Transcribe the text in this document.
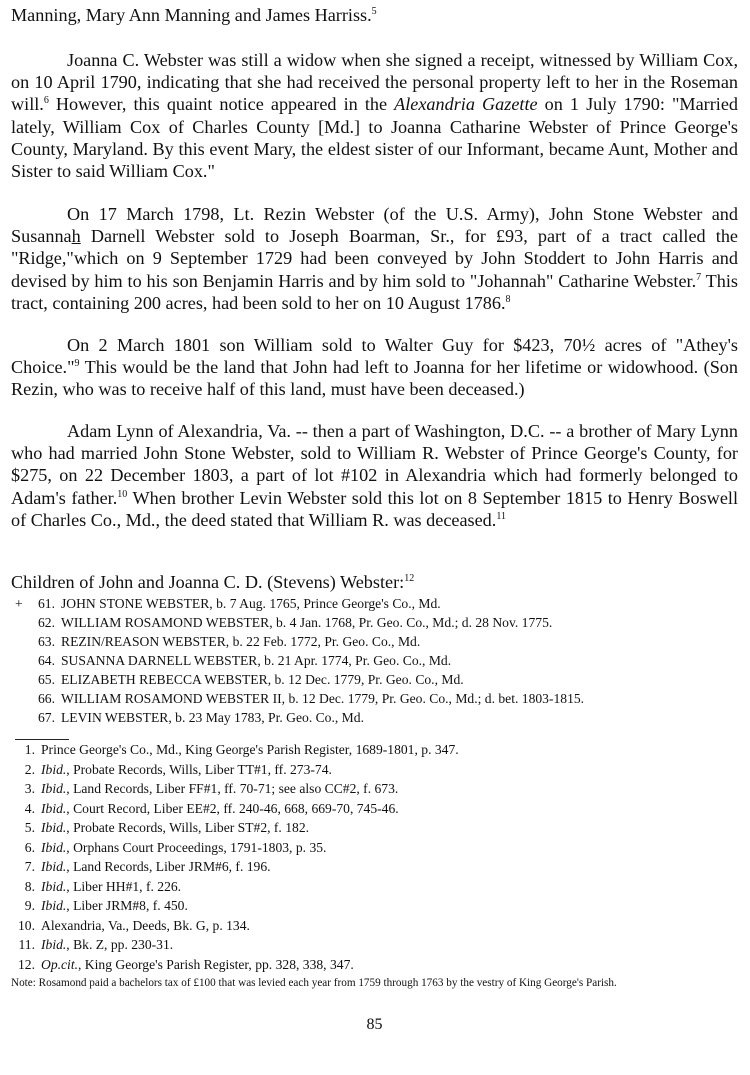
Manning, Mary Ann Manning and James Harriss.$^5$

Joanna C. Webster was still a widow when she signed a receipt, witnessed by William Cox, on 10 April 1790, indicating that she had received the personal property left to her in the Roseman will.$^6$ However, this quaint notice appeared in the Alexandria Gazette on 1 July 1790: "Married lately, William Cox of Charles County [Md.] to Joanna Catharine Webster of Prince George's County, Maryland. By this event Mary, the eldest sister of our Informant, became Aunt, Mother and Sister to said William Cox."

On 17 March 1798, Lt. Rezin Webster (of the U.S. Army), John Stone Webster and Susannah Darnell Webster sold to Joseph Boarman, Sr., for £93, part of a tract called the "Ridge,"which on 9 September 1729 had been conveyed by John Stoddert to John Harris and devised by him to his son Benjamin Harris and by him sold to "Johannah" Catharine Webster.$^7$ This tract, containing 200 acres, had been sold to her on 10 August 1786.$^8$

On 2 March 1801 son William sold to Walter Guy for $423, 70½ acres of "Athey's Choice."$^9$ This would be the land that John had left to Joanna for her lifetime or widowhood. (Son Rezin, who was to receive half of this land, must have been deceased.)

Adam Lynn of Alexandria, Va. -- then a part of Washington, D.C. -- a brother of Mary Lynn who had married John Stone Webster, sold to William R. Webster of Prince George's County, for $275, on 22 December 1803, a part of lot #102 in Alexandria which had formerly belonged to Adam's father.$^{10}$ When brother Levin Webster sold this lot on 8 September 1815 to Henry Boswell of Charles Co., Md., the deed stated that William R. was deceased.$^{11}$

Children of John and Joanna C. D. (Stevens) Webster:$^{12}$
+	61. JOHN STONE WEBSTER, b. 7 Aug. 1765, Prince George's Co., Md.
62. WILLIAM ROSAMOND WEBSTER, b. 4 Jan. 1768, Pr. Geo. Co., Md.; d. 28 Nov. 1775.
63. REZIN/REASON WEBSTER, b. 22 Feb. 1772, Pr. Geo. Co., Md.
64. SUSANNA DARNELL WEBSTER, b. 21 Apr. 1774, Pr. Geo. Co., Md.
65. ELIZABETH REBECCA WEBSTER, b. 12 Dec. 1779, Pr. Geo. Co., Md.
66. WILLIAM ROSAMOND WEBSTER II, b. 12 Dec. 1779, Pr. Geo. Co., Md.; d. bet. 1803-1815.
67. LEVIN WEBSTER, b. 23 May 1783, Pr. Geo. Co., Md.
1. Prince George's Co., Md., King George's Parish Register, 1689-1801, p. 347.
2. Ibid., Probate Records, Wills, Liber TT#1, ff. 273-74.
3. Ibid., Land Records, Liber FF#1, ff. 70-71; see also CC#2, f. 673.
4. Ibid., Court Record, Liber EE#2, ff. 240-46, 668, 669-70, 745-46.
5. Ibid., Probate Records, Wills, Liber ST#2, f. 182.
6. Ibid., Orphans Court Proceedings, 1791-1803, p. 35.
7. Ibid., Land Records, Liber JRM#6, f. 196.
8. Ibid., Liber HH#1, f. 226.
9. Ibid., Liber JRM#8, f. 450.
10. Alexandria, Va., Deeds, Bk. G, p. 134.
11. Ibid., Bk. Z, pp. 230-31.
12. Op.cit., King George's Parish Register, pp. 328, 338, 347.
Note: Rosamond paid a bachelors tax of £100 that was levied each year from 1759 through 1763 by the vestry of King George's Parish.
85
